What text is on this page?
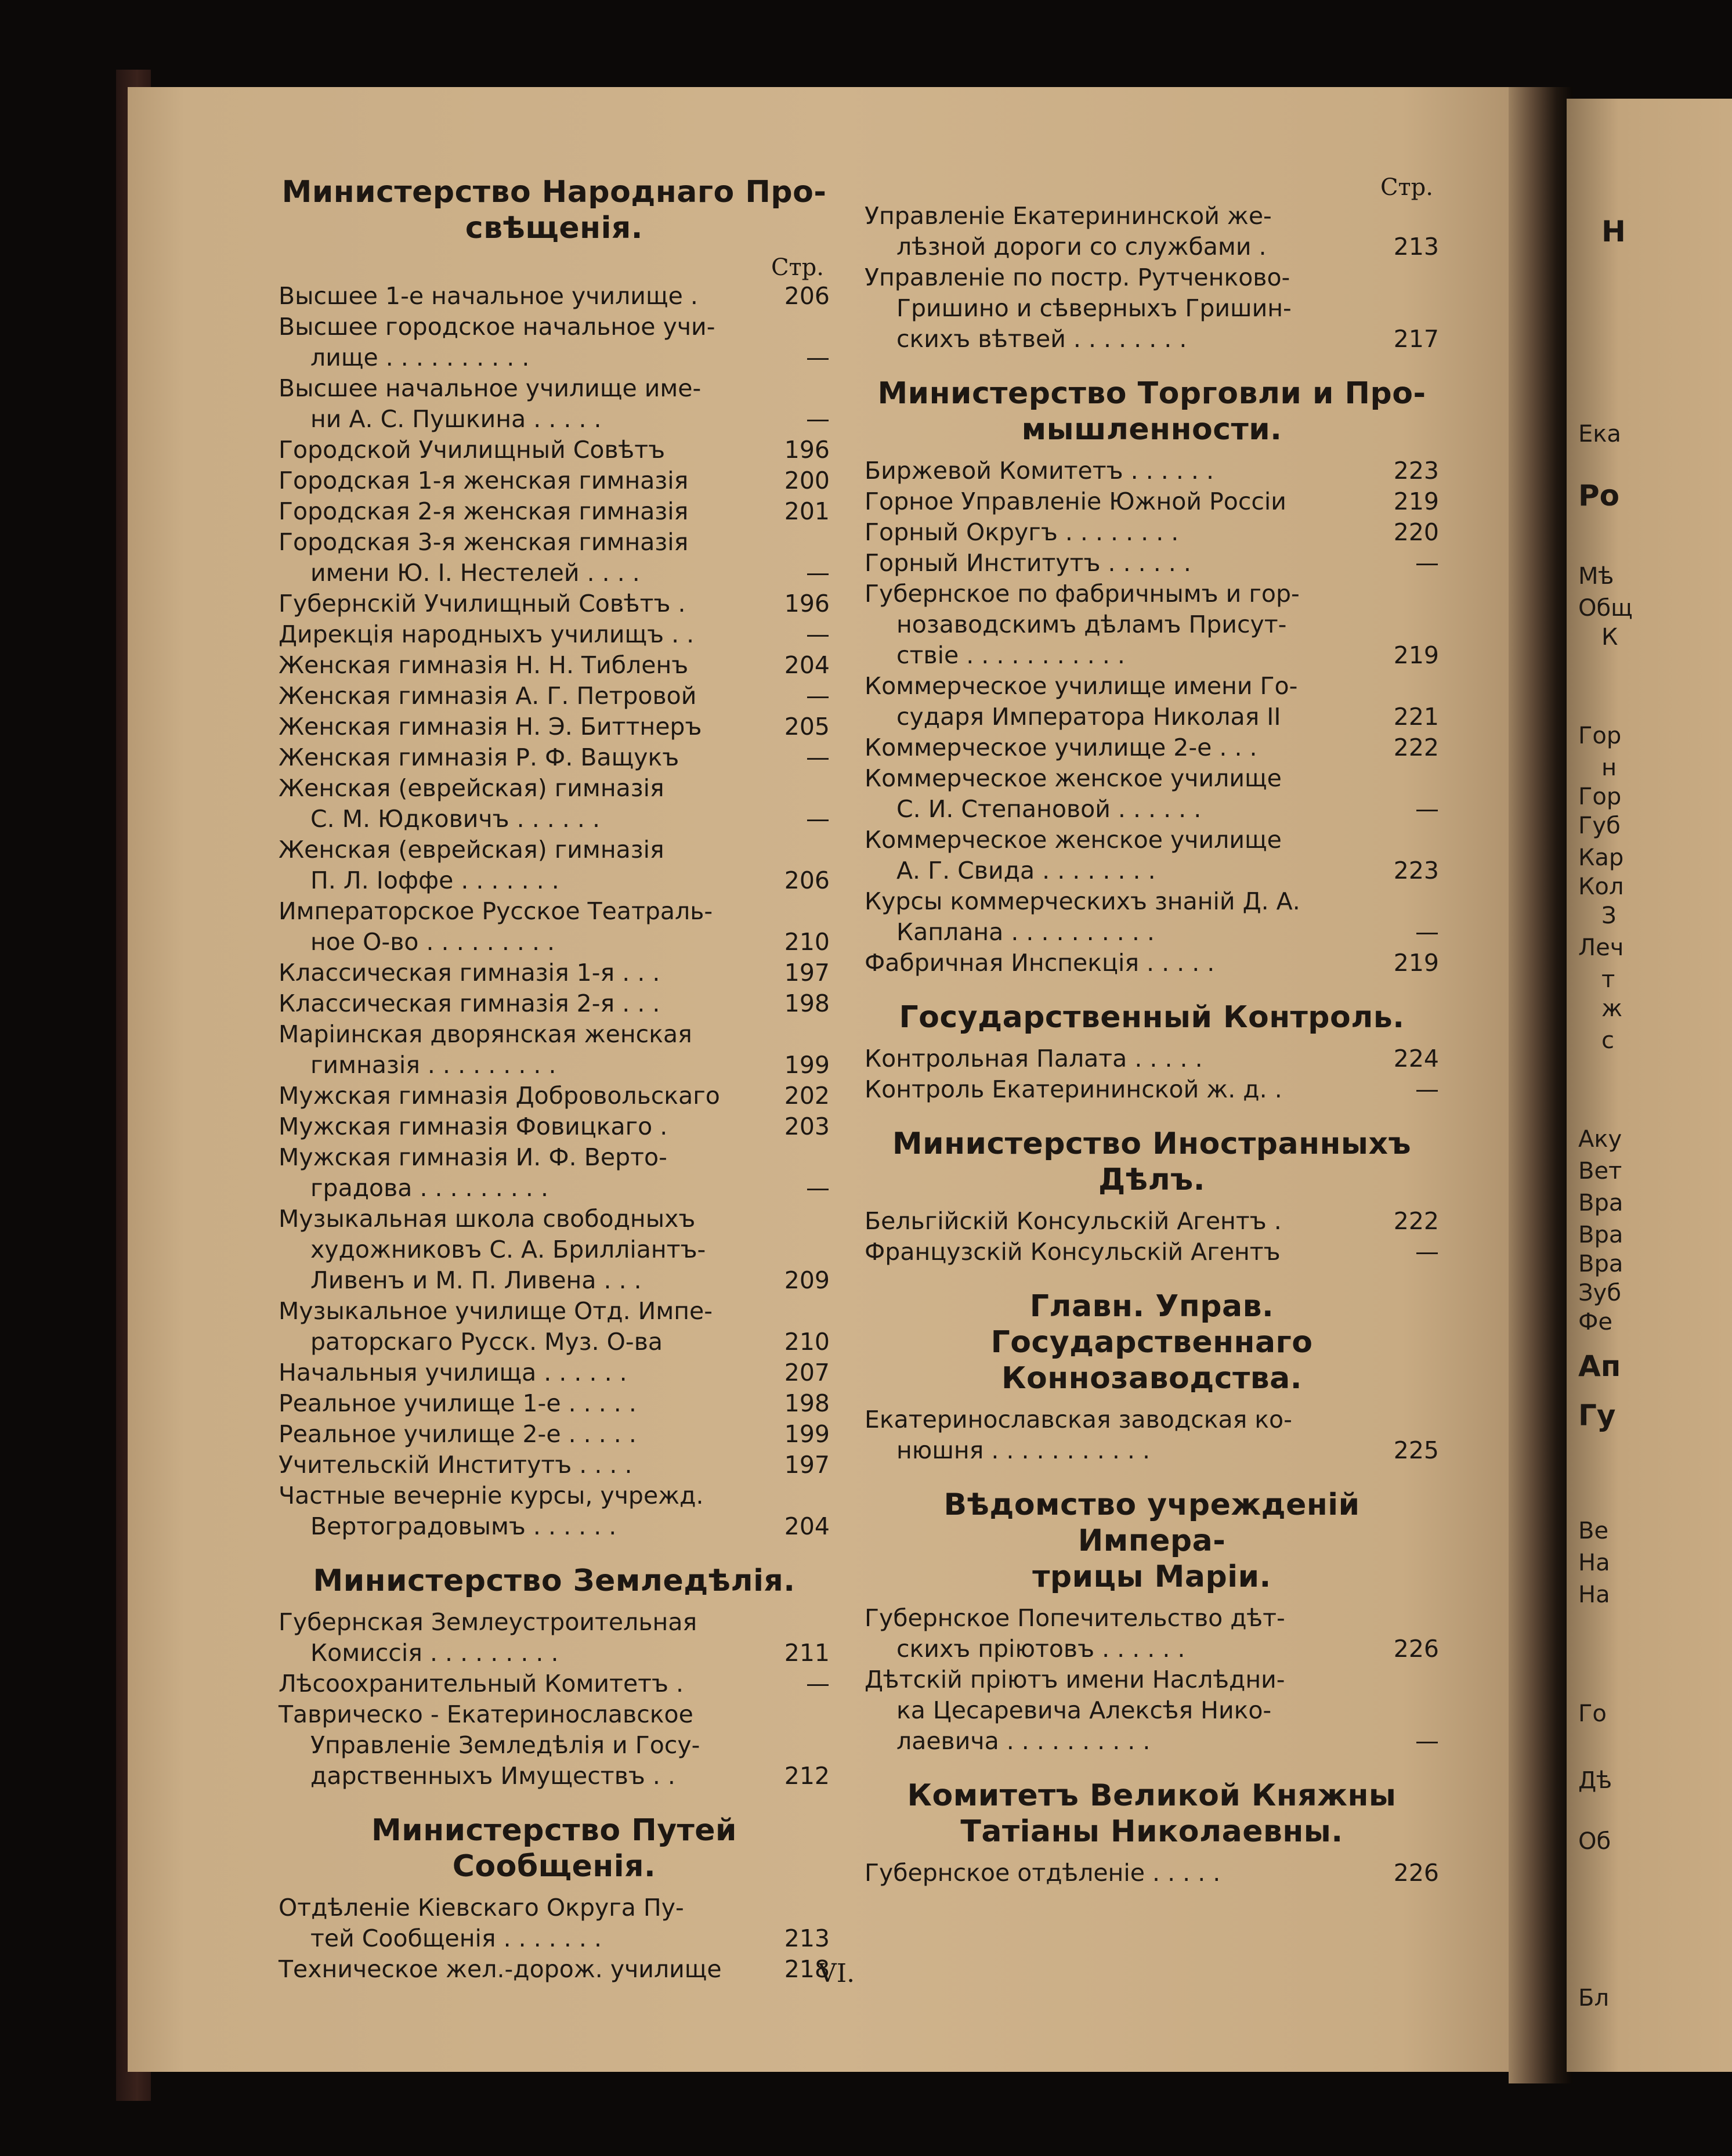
Н
Ека
Ро
Мѣ
Общ
К
Гор
н
Гор
Губ
Кар
Кол
З
Леч
т
ж
с
Аку
Вет
Вра
Вра
Вра
Зуб
Фе
Ап
Гу
Ве
На
На
Го
Дѣ
Об
Бл
Министерство Народнаго Про-
свѣщенія.
Стр.
Высшее 1-е начальное училище .	206
Высшее городское начальное учи-
лище . . . . . . . . . .	—
Высшее начальное училище име-
ни А. С. Пушкина . . . . .	—
Городской Училищный Совѣтъ	196
Городская 1-я женская гимназія	200
Городская 2-я женская гимназія	201
Городская 3-я женская гимназія
имени Ю. І. Нестелей . . . .	—
Губернскій Училищный Совѣтъ .	196
Дирекція народныхъ училищъ . .	—
Женская гимназія Н. Н. Тибленъ	204
Женская гимназія А. Г. Петровой	—
Женская гимназія Н. Э. Биттнеръ	205
Женская гимназія Р. Ф. Ващукъ	—
Женская (еврейская) гимназія
С. М. Юдковичъ . . . . . .	—
Женская (еврейская) гимназія
П. Л. Іоффе . . . . . . .	206
Императорское Русское Театраль-
ное О-во . . . . . . . . .	210
Классическая гимназія 1-я . . .	197
Классическая гимназія 2-я . . .	198
Маріинская дворянская женская
гимназія . . . . . . . . .	199
Мужская гимназія Добровольскаго	202
Мужская гимназія Фовицкаго .	203
Мужская гимназія И. Ф. Верто-
градова . . . . . . . . .	—
Музыкальная школа свободныхъ
художниковъ С. А. Брилліантъ-
Ливенъ и М. П. Ливена . . .	209
Музыкальное училище Отд. Импе-
раторскаго Русск. Муз. О-ва	210
Начальныя училища . . . . . .	207
Реальное училище 1-е . . . . .	198
Реальное училище 2-е . . . . .	199
Учительскій Институтъ . . . .	197
Частные вечерніе курсы, учрежд.
Вертоградовымъ . . . . . .	204
Министерство Земледѣлія.
Губернская Землеустроительная
Комиссія . . . . . . . . .	211
Лѣсоохранительный Комитетъ .	—
Таврическо - Екатеринославское
Управленіе Земледѣлія и Госу-
дарственныхъ Имуществъ . .	212
Министерство Путей Сообщенія.
Отдѣленіе Кіевскаго Округа Пу-
тей Сообщенія . . . . . . .	213
Техническое жел.-дорож. училище	218
Стр.
Управленіе Екатерининской же-
лѣзной дороги со службами .	213
Управленіе по постр. Рутченково-
Гришино и сѣверныхъ Гришин-
скихъ вѣтвей . . . . . . . .	217
Министерство Торговли и Про-
мышленности.
Биржевой Комитетъ . . . . . .	223
Горное Управленіе Южной Россіи	219
Горный Округъ . . . . . . . .	220
Горный Институтъ . . . . . .	—
Губернское по фабричнымъ и гор-
нозаводскимъ дѣламъ Присут-
ствіе . . . . . . . . . . .	219
Коммерческое училище имени Го-
сударя Императора Николая II	221
Коммерческое училище 2-е . . .	222
Коммерческое женское училище
С. И. Степановой . . . . . .	—
Коммерческое женское училище
А. Г. Свида . . . . . . . .	223
Курсы коммерческихъ знаній Д. А.
Каплана . . . . . . . . . .	—
Фабричная Инспекція . . . . .	219
Государственный Контроль.
Контрольная Палата . . . . .	224
Контроль Екатерининской ж. д. .	—
Министерство Иностранныхъ
Дѣлъ.
Бельгійскій Консульскій Агентъ .	222
Французскій Консульскій Агентъ	—
Главн. Управ. Государственнаго
Коннозаводства.
Екатеринославская заводская ко-
нюшня . . . . . . . . . . .	225
Вѣдомство учрежденій Импера-
трицы Маріи.
Губернское Попечительство дѣт-
скихъ пріютовъ . . . . . .	226
Дѣтскій пріютъ имени Наслѣдни-
ка Цесаревича Алексѣя Нико-
лаевича . . . . . . . . . .	—
Комитетъ Великой Княжны
Татіаны Николаевны.
Губернское отдѣленіе . . . . .	226
VI.
